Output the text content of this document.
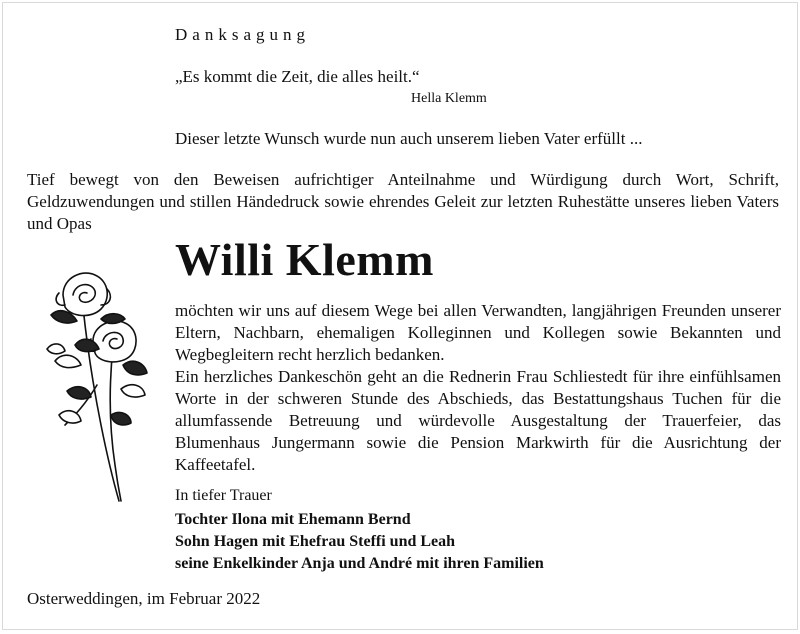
Danksagung
„Es kommt die Zeit, die alles heilt.“
Hella Klemm
Dieser letzte Wunsch wurde nun auch unserem lieben Vater erfüllt ...
Tief bewegt von den Beweisen aufrichtiger Anteilnahme und Würdigung durch Wort, Schrift, Geldzuwendungen und stillen Händedruck sowie ehrendes Geleit zur letzten Ruhestätte unseres lieben Vaters und Opas
Willi Klemm

möchten wir uns auf diesem Wege bei allen Verwandten, langjährigen Freunden unserer Eltern, Nachbarn, ehemaligen Kolleginnen und Kollegen sowie Bekannten und Wegbegleitern recht herzlich bedanken.

Ein herzliches Dankeschön geht an die Rednerin Frau Schliestedt für ihre einfühlsamen Worte in der schweren Stunde des Abschieds, das Bestattungshaus Tuchen für die allumfassende Betreuung und würdevolle Ausgestaltung der Trauerfeier, das Blumenhaus Jungermann sowie die Pension Markwirth für die Ausrichtung der Kaffeetafel.

In tiefer Trauer
Tochter Ilona mit Ehemann Bernd
Sohn Hagen mit Ehefrau Steffi und Leah
seine Enkelkinder Anja und André mit ihren Familien
Osterweddingen, im Februar 2022
